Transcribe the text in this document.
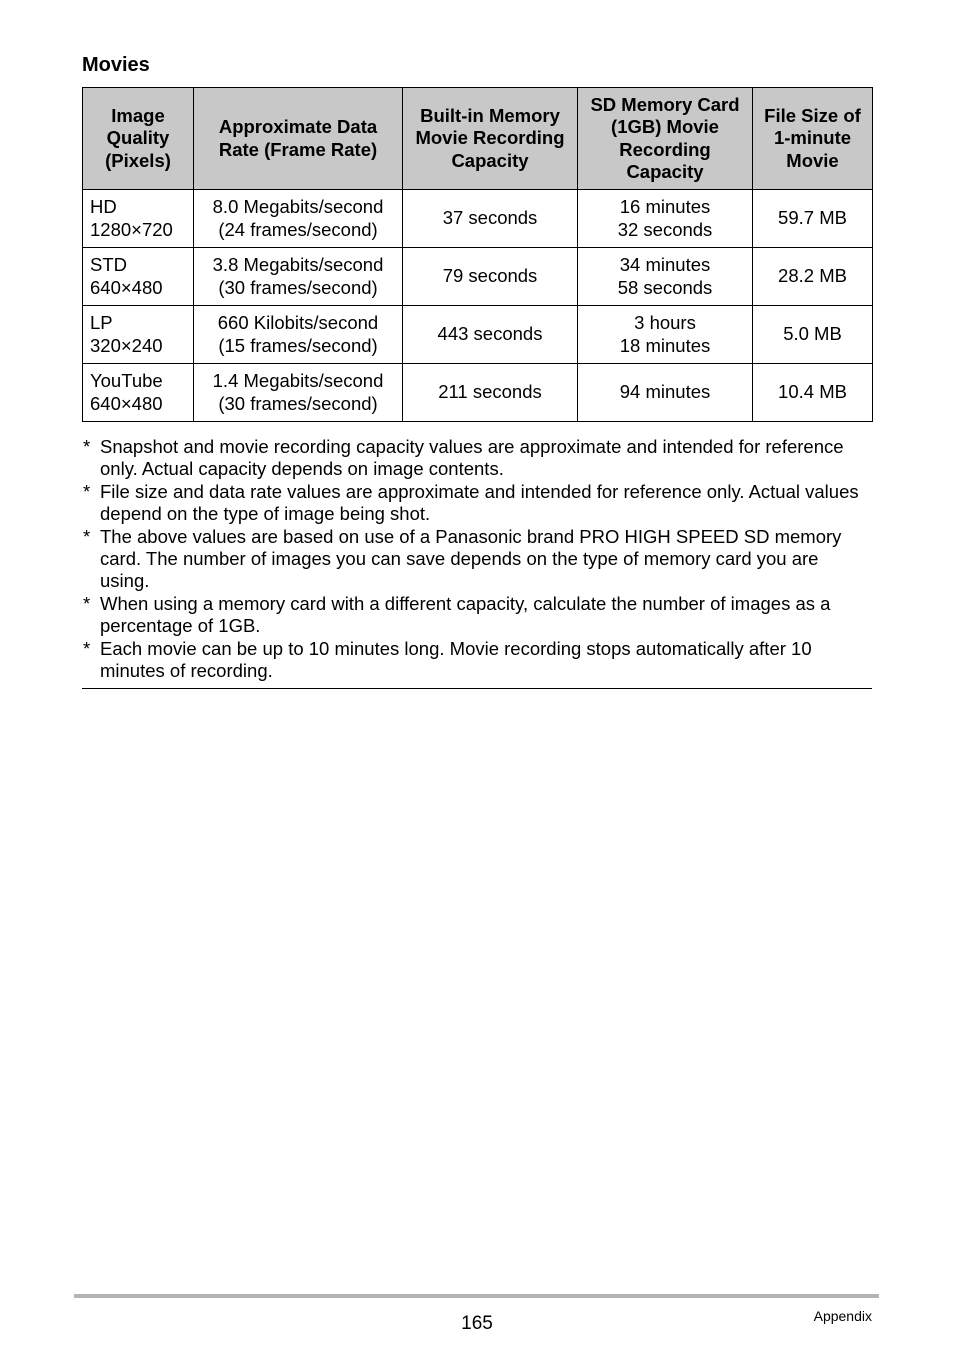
Movies
Image
Quality
(Pixels)	Approximate Data
Rate (Frame Rate)	Built-in Memory
Movie Recording
Capacity	SD Memory Card
(1GB) Movie
Recording
Capacity	File Size of
1-minute
Movie

HD
1280×720	8.0 Megabits/second
(24 frames/second)	37 seconds	16 minutes
32 seconds	59.7 MB

STD
640×480	3.8 Megabits/second
(30 frames/second)	79 seconds	34 minutes
58 seconds	28.2 MB

LP
320×240	660 Kilobits/second
(15 frames/second)	443 seconds	3 hours
18 minutes	5.0 MB

YouTube
640×480	1.4 Megabits/second
(30 frames/second)	211 seconds	94 minutes	10.4 MB
* Snapshot and movie recording capacity values are approximate and intended for reference only. Actual capacity depends on image contents.
* File size and data rate values are approximate and intended for reference only. Actual values depend on the type of image being shot.
* The above values are based on use of a Panasonic brand PRO HIGH SPEED SD memory card. The number of images you can save depends on the type of memory card you are using.
* When using a memory card with a different capacity, calculate the number of images as a percentage of 1GB.
* Each movie can be up to 10 minutes long. Movie recording stops automatically after 10 minutes of recording.
165	Appendix
